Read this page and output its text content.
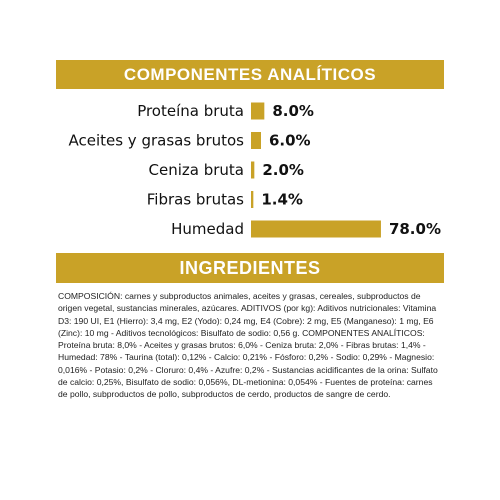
COMPONENTES ANALÍTICOS
Proteína bruta 8.0%
Aceites y grasas brutos 6.0%
Ceniza bruta 2.0%
Fibras brutas 1.4%
Humedad	78.0%
INGREDIENTES

COMPOSICIÓN: carnes y subproductos animales, aceites y grasas, cereales, subproductos de origen vegetal, sustancias minerales, azúcares. ADITIVOS (por kg): Aditivos nutricionales: Vitamina D3: 190 UI, E1 (Hierro): 3,4 mg, E2 (Yodo): 0,24 mg, E4 (Cobre): 2 mg, E5 (Manganeso): 1 mg, E6 (Zinc): 10 mg - Aditivos tecnológicos: Bisulfato de sodio: 0,56 g. COMPONENTES ANALÍTICOS: Proteína bruta: 8,0% - Aceites y grasas brutos: 6,0% - Ceniza bruta: 2,0% - Fibras brutas: 1,4% - Humedad: 78% - Taurina (total): 0,12% - Calcio: 0,21% - Fósforo: 0,2% - Sodio: 0,29% - Magnesio: 0,016% - Potasio: 0,2% - Cloruro: 0,4% - Azufre: 0,2% - Sustancias acidificantes de la orina: Sulfato de calcio: 0,25%, Bisulfato de sodio: 0,056%, DL-metionina: 0,054% - Fuentes de proteína: carnes de pollo, subproductos de pollo, subproductos de cerdo, productos de sangre de cerdo.
